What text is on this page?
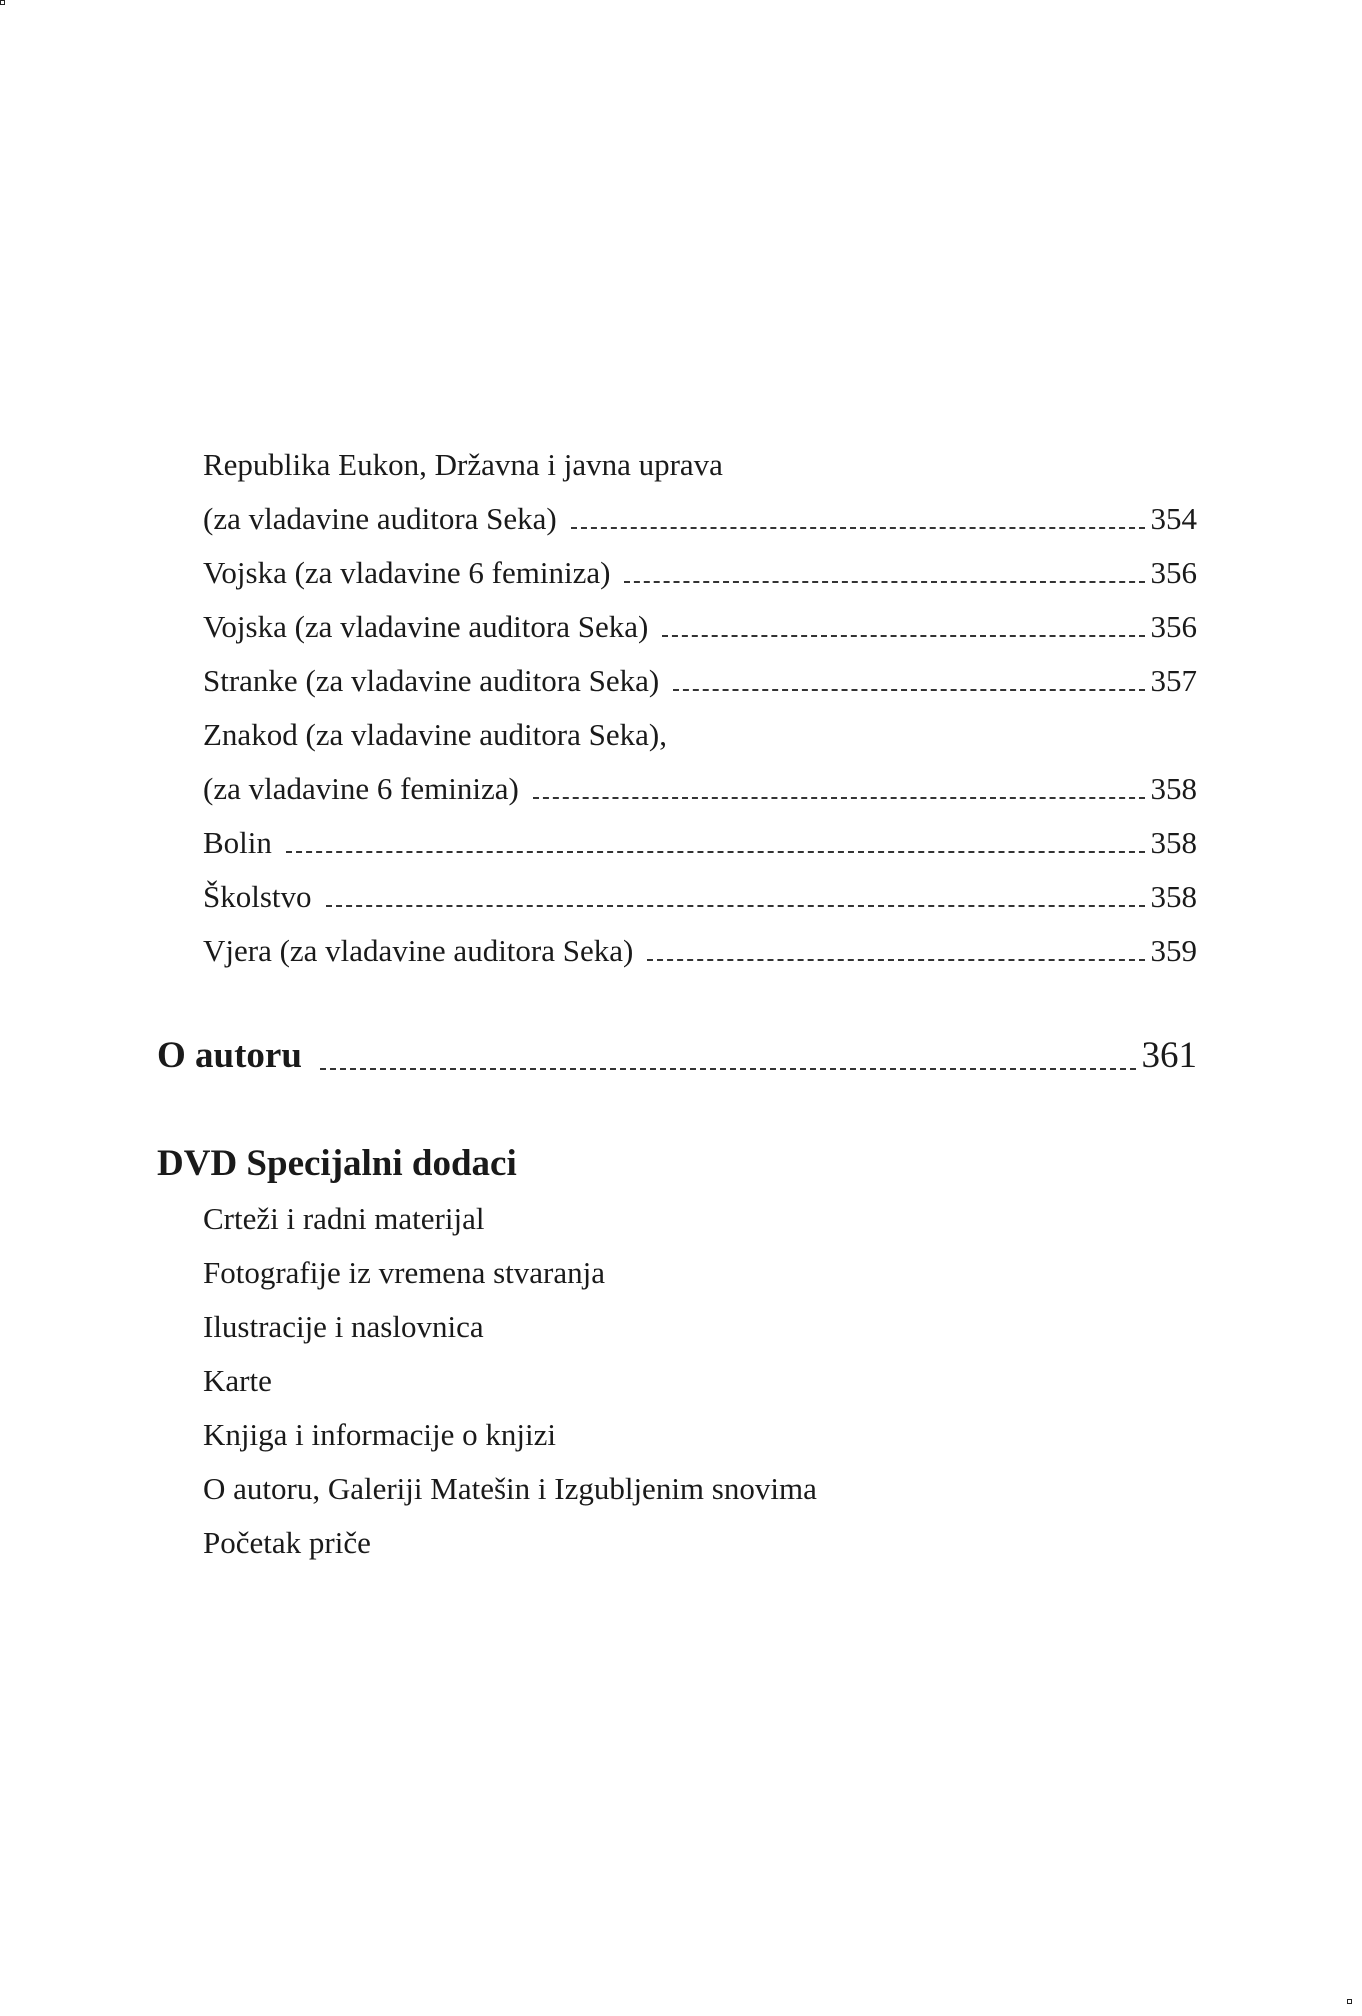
Republika Eukon, Državna i javna uprava
(za vladavine auditora Seka)	354
Vojska (za vladavine 6 feminiza)	356
Vojska (za vladavine auditora Seka)	356
Stranke (za vladavine auditora Seka)	357
Znakod (za vladavine auditora Seka),
(za vladavine 6 feminiza)	358
Bolin	358
Školstvo	358
Vjera (za vladavine auditora Seka)	359
O autoru	361
DVD Specijalni dodaci
Crteži i radni materijal
Fotografije iz vremena stvaranja
Ilustracije i naslovnica
Karte
Knjiga i informacije o knjizi
O autoru, Galeriji Matešin i Izgubljenim snovima
Početak priče
